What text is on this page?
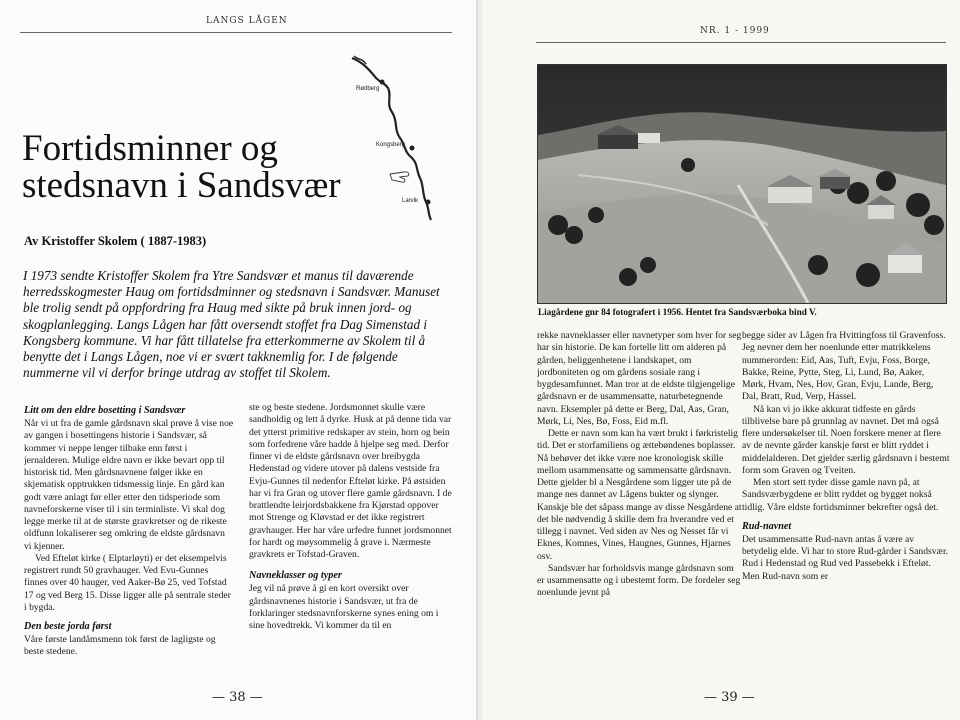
LANGS LÅGEN
Rødberg
Kongsberg
Larvik
Fortidsminner og
stedsnavn i Sandsvær
Av Kristoffer Skolem ( 1887-1983)

I 1973 sendte Kristoffer Skolem fra Ytre Sandsvær et manus til daværende herredsskogmester Haug om fortidsdminner og stedsnavn i Sandsvær. Manuset ble trolig sendt på oppfordring fra Haug med sikte på bruk innen jord- og skogplanlegging. Langs Lågen har fått oversendt stoffet fra Dag Simenstad i Kongsberg kommune. Vi har fått tillatelse fra etterkommerne av Skolem til å benytte det i Langs Lågen, noe vi er svært takknemlig for. I de følgende nummerne vil vi derfor bringe utdrag av stoffet til Skolem.

Litt om den eldre bosetting i Sandsvær

Når vi ut fra de gamle gårdsnavn skal prøve å vise noe av gangen i bosettingens historie i Sandsvær, så kommer vi neppe lenger tilbake enn først i jernalderen. Mulige eldre navn er ikke bevart opp til historisk tid. Men gårdsnavnene følger ikke en skjematisk opptrukken tidsmessig linje. En gård kan godt være anlagt før eller etter den tidsperiode som navneforskerne viser til i sin terminliste. Vi skal dog legge merke til at de største gravkretser og de rikeste oldfunn lokaliserer seg omkring de eldste gårdsnavn vi kjenner.

Ved Efteløt kirke ( Elptarløyti) er det eksempelvis registrert rundt 50 gravhauger. Ved Evu-Gunnes finnes over 40 hauger, ved Aaker-Bø 25, ved Tofstad 17 og ved Berg 15. Disse ligger alle på sentrale steder i bygda.

Den beste jorda først

Våre første landåmsmenn tok først de lagligste og beste stedene.

ste og beste stedene. Jordsmonnet skulle være sandholdig og lett å dyrke. Husk at på denne tida var det ytterst primitive redskaper av stein, horn og bein som forfedrene våre hadde å hjelpe seg med. Derfor finner vi de eldste gårdsnavn over breibygda Hedenstad og videre utover på dalens vestside fra Evju-Gunnes til nedenfor Efteløt kirke. På østsiden har vi fra Gran og utover flere gamle gårdsnavn. I de brattlendte leirjordsbakkene fra Kjørstad oppover mot Strenge og Kløvstad er det ikke registrert gravhauger. Her har våre urfedre funnet jordsmonnet for hardt og møysommelig å grave i. Nærmeste gravkrets er Tofstad-Graven.

Navneklasser og typer

Jeg vil nå prøve å gi en kort oversikt over gårdsnavnenes historie i Sandsvær, ut fra de forklaringer stedsnavnforskerne synes ening om i sine hovedtrekk. Vi kommer da til en

— 38 —
NR. 1 - 1999
— 39 —
Liagårdene gnr 84 fotografert i 1956. Hentet fra Sandsværboka bind V.

rekke navneklasser eller navnetyper som hver for seg har sin historie. De kan fortelle litt om alderen på gården, beliggenhetene i landskapet, om jordbonitеten og om gårdens sosiale rang i bygdesamfunnet. Man tror at de eldste tilgjengelige gårdsnavn er de usammensatte, naturbetegnende navn. Eksempler på dette er Berg, Dal, Aas, Gran, Mørk, Li, Nes, Bø, Foss, Eid m.fl.

Dette er navn som kan ha vært brukt i førkristelig tid. Det er storfamiliens og ættebøndenes boplasser. Nå behøver det ikke være noe kronologisk skille mellom usammensatte og sammensatte gårdsnavn. Dette gjelder bl a Nesgårdene som ligger ute på de mange nes dannet av Lågens bukter og slynger. Kanskje ble det såpass mange av disse Nesgårdene at det ble nødvendig å skille dem fra hverandre ved et tillegg i navnet. Ved siden av Nes og Nesset får vi Eknes, Komnes, Vines, Haugnes, Gunnes, Hjarnes osv.

Sandsvær har forholdsvis mange gårdsnavn som er usammensatte og i ubestemt form. De fordeler seg noenlunde jevnt på

begge sider av Lågen fra Hvittingfoss til Gravenfoss. Jeg nevner dem her noenlunde etter matrikkelens nummerorden: Eid, Aas, Tuft, Evju, Foss, Borge, Bakke, Reine, Pytte, Steg, Li, Lund, Bø, Aaker, Mørk, Hvam, Nes, Hov, Gran, Evju, Lande, Berg, Dal, Bratt, Rud, Verp, Hassel.

Nå kan vi jo ikke akkurat tidfeste en gårds tilblivelse bare på grunnlag av navnet. Det må også flere undersøkelser til. Noen forskere mener at flere av de nevnte gårder kanskje først er blitt ryddet i middelalderen. Det gjelder særlig gårdsnavn i bestemt form som Graven og Tveiten.

Men stort sett tyder disse gamle navn på, at Sandsværbygdene er blitt ryddet og bygget nokså tidlig. Våre eldste fortidsminner bekrefter også det.

Rud-navnet

Det usammensatte Rud-navn antas å være av betydelig elde. Vi har to store Rud-gårder i Sandsvær. Rud i Hedenstad og Rud ved Passebekk i Efteløt. Men Rud-navn som er
